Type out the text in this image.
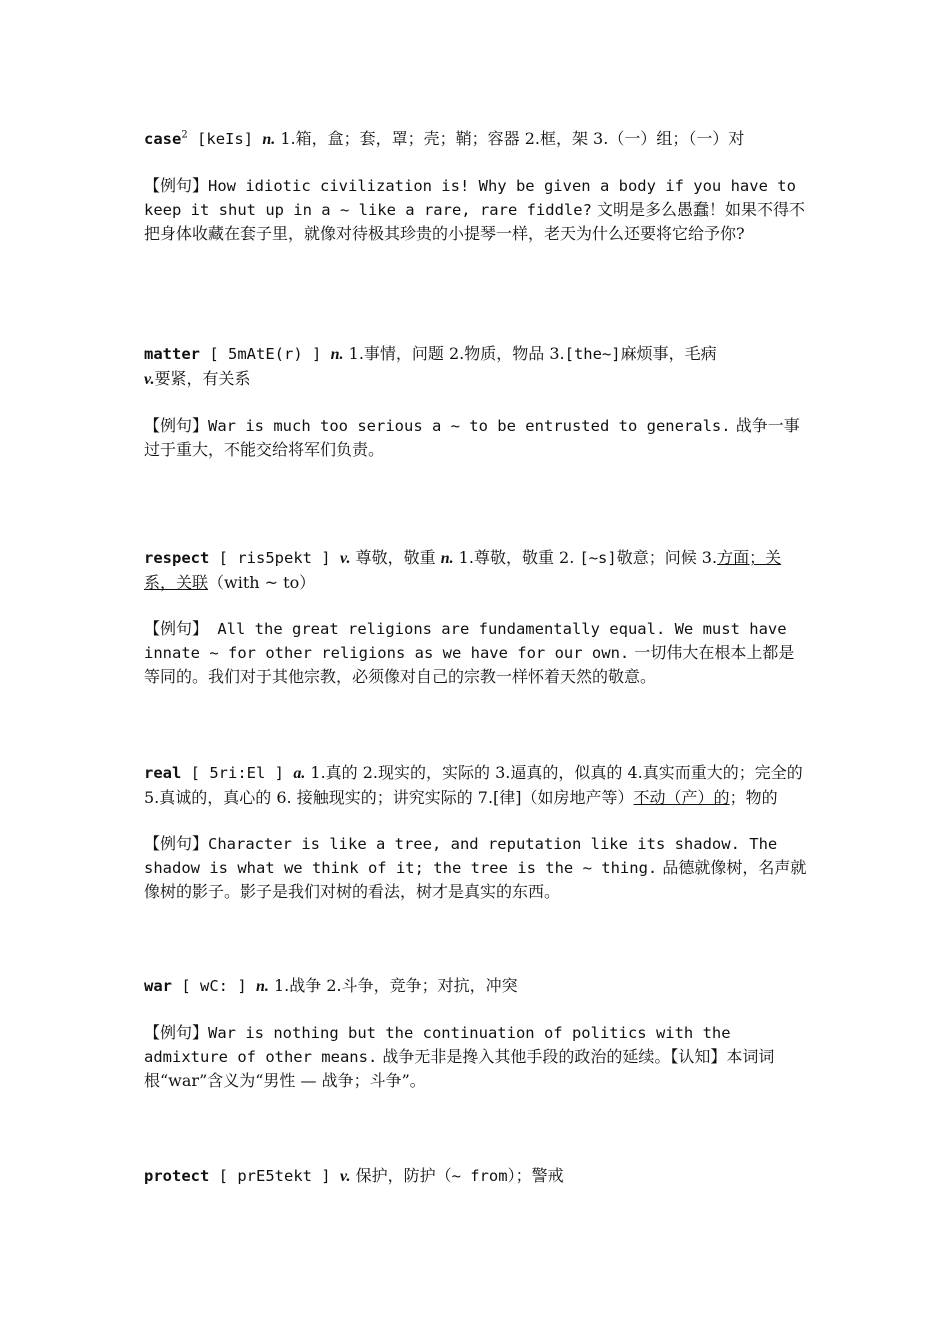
case$^2$ [keIs] n. 1.箱，盒；套，罩；壳；鞘；容器 2.框，架 3.（一）组；（一）对
【例句】How idiotic civilization is! Why be given a body if you have to keep it shut up in a ~ like a rare, rare fiddle? 文明是多么愚蠢！如果不得不把身体收藏在套子里，就像对待极其珍贵的小提琴一样，老天为什么还要将它给予你?
matter [ 5mAtE(r) ] n. 1.事情，问题 2.物质，物品 3.[the~]麻烦事，毛病
v.要紧，有关系
【例句】War is much too serious a ~ to be entrusted to generals. 战争一事过于重大，不能交给将军们负责。
respect [ ris5pekt ] v. 尊敬，敬重 n. 1.尊敬，敬重 2. [~s]敬意；问候 3.方面；关系，关联（with ~ to）
【例句】 All the great religions are fundamentally equal. We must have innate ~ for other religions as we have for our own. 一切伟大在根本上都是等同的。我们对于其他宗教，必须像对自己的宗教一样怀着天然的敬意。
real [ 5ri:El ] a. 1.真的 2.现实的，实际的 3.逼真的，似真的 4.真实而重大的；完全的 5.真诚的，真心的 6. 接触现实的；讲究实际的 7.[律]（如房地产等）不动（产）的；物的
【例句】Character is like a tree, and reputation like its shadow. The shadow is what we think of it; the tree is the ~ thing. 品德就像树，名声就像树的影子。影子是我们对树的看法，树才是真实的东西。
war [ wC: ] n. 1.战争 2.斗争，竞争；对抗，冲突
【例句】War is nothing but the continuation of politics with the admixture of other means. 战争无非是搀入其他手段的政治的延续。【认知】本词词根“war”含义为“男性 — 战争；斗争”。
protect [ prE5tekt ] v. 保护，防护（~ from）；警戒
